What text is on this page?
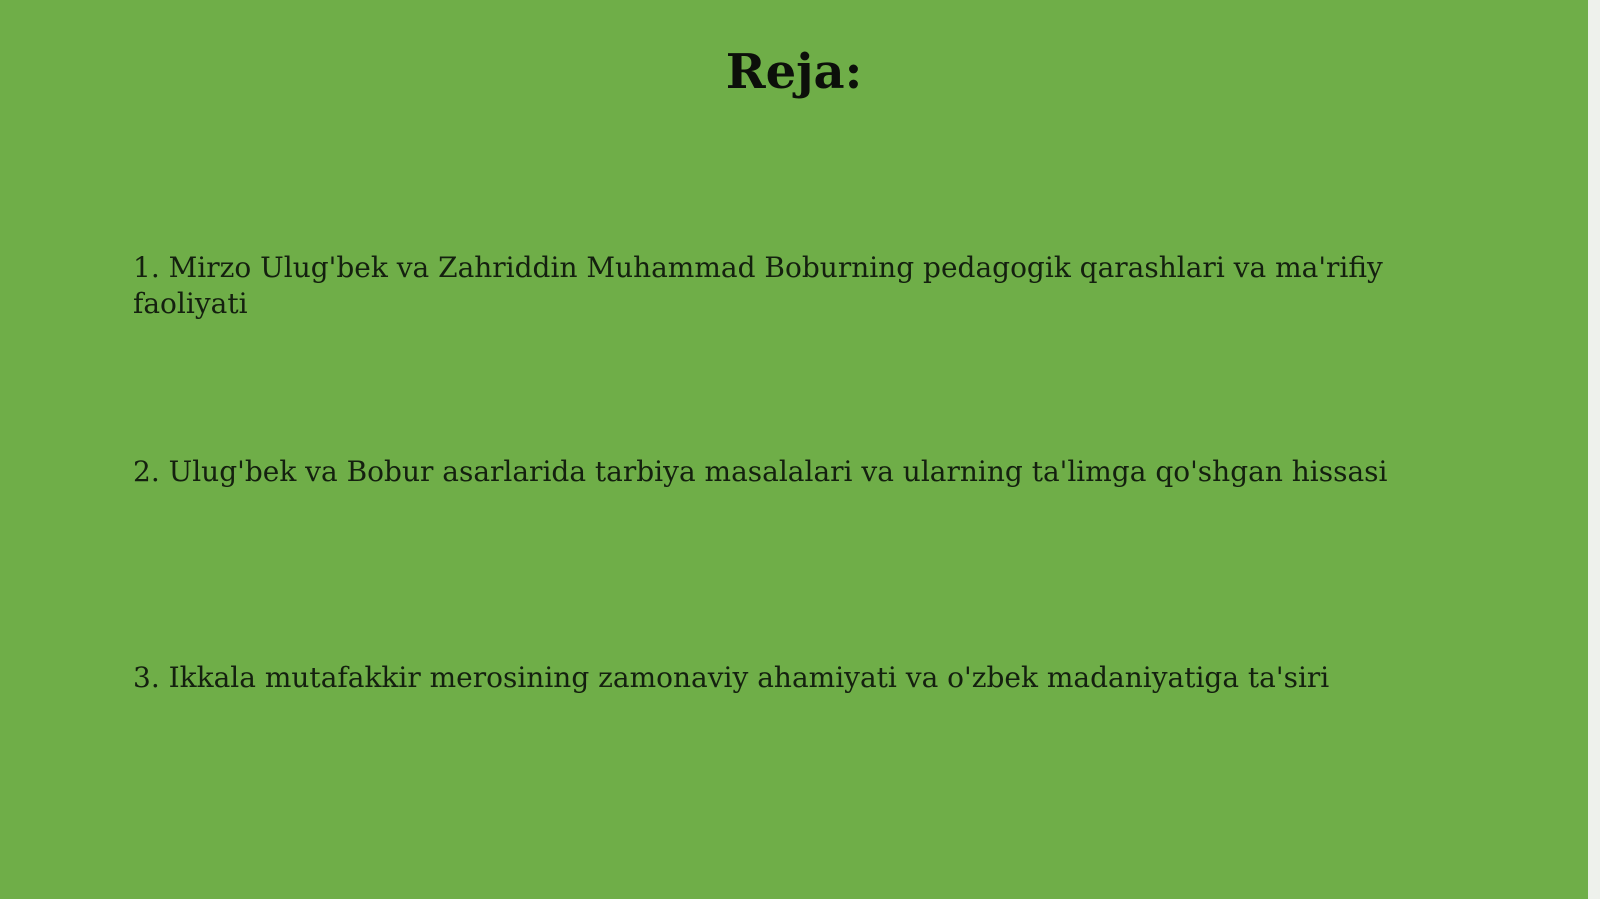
Reja:

1. Mirzo Ulug'bek va Zahriddin Muhammad Boburning pedagogik qarashlari va ma'rifiy faoliyati

2. Ulug'bek va Bobur asarlarida tarbiya masalalari va ularning ta'limga qo'shgan hissasi

3. Ikkala mutafakkir merosining zamonaviy ahamiyati va o'zbek madaniyatiga ta'siri
